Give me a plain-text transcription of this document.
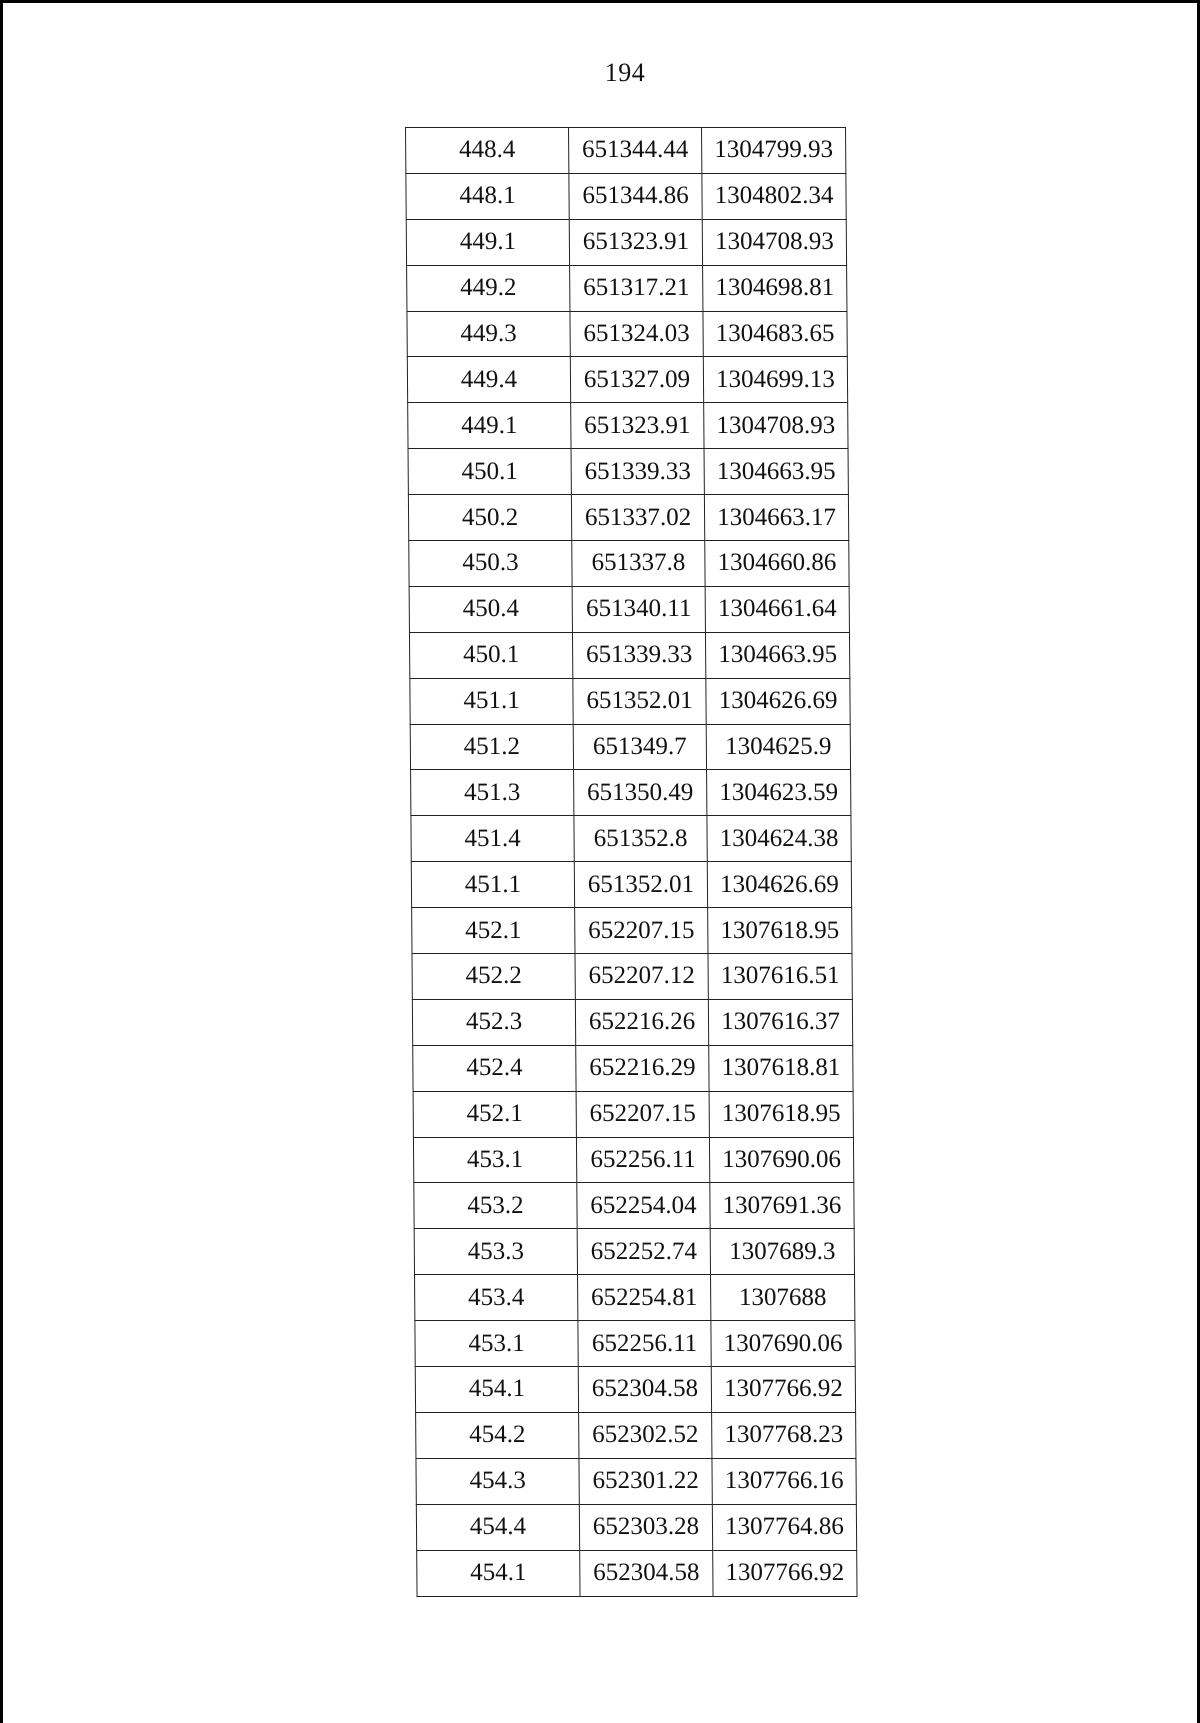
194
448.4	651344.44	1304799.93
448.1	651344.86	1304802.34
449.1	651323.91	1304708.93
449.2	651317.21	1304698.81
449.3	651324.03	1304683.65
449.4	651327.09	1304699.13
449.1	651323.91	1304708.93
450.1	651339.33	1304663.95
450.2	651337.02	1304663.17
450.3	651337.8	1304660.86
450.4	651340.11	1304661.64
450.1	651339.33	1304663.95
451.1	651352.01	1304626.69
451.2	651349.7	1304625.9
451.3	651350.49	1304623.59
451.4	651352.8	1304624.38
451.1	651352.01	1304626.69
452.1	652207.15	1307618.95
452.2	652207.12	1307616.51
452.3	652216.26	1307616.37
452.4	652216.29	1307618.81
452.1	652207.15	1307618.95
453.1	652256.11	1307690.06
453.2	652254.04	1307691.36
453.3	652252.74	1307689.3
453.4	652254.81	1307688
453.1	652256.11	1307690.06
454.1	652304.58	1307766.92
454.2	652302.52	1307768.23
454.3	652301.22	1307766.16
454.4	652303.28	1307764.86
454.1	652304.58	1307766.92
